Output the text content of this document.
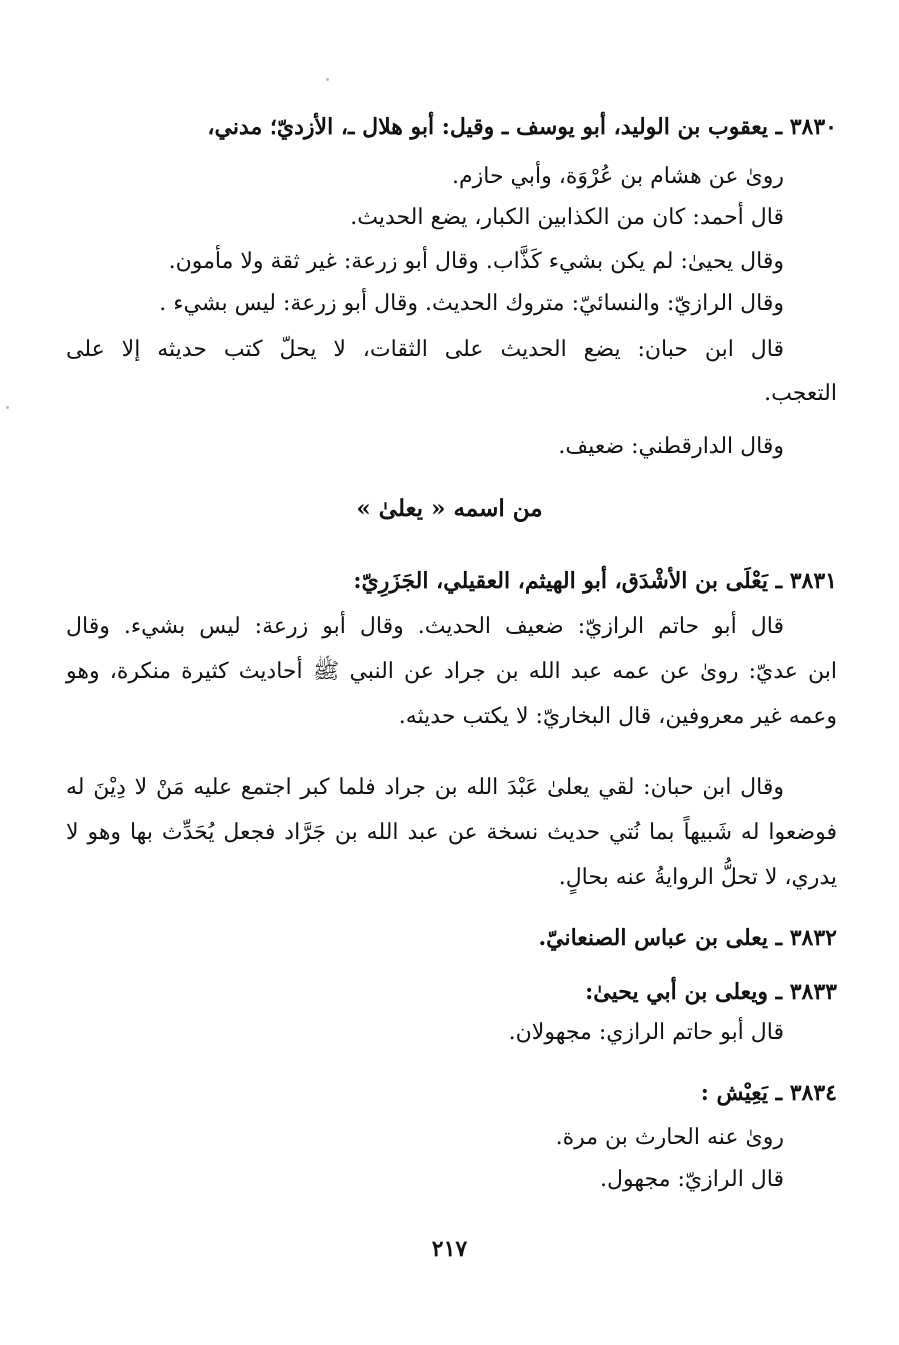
٣٨٣٠ ـ يعقوب بن الوليد، أبو يوسف ـ وقيل: أبو هلال ـ، الأزديّ؛ مدني،
روىٰ عن هشام بن عُرْوَة، وأبي حازم.
قال أحمد: كان من الكذابين الكبار، يضع الحديث.
وقال يحيىٰ: لم يكن بشيء كَذَّاب. وقال أبو زرعة: غير ثقة ولا مأمون.
وقال الرازيّ: والنسائيّ: متروك الحديث. وقال أبو زرعة: ليس بشيء .
قال ابن حبان: يضع الحديث على الثقات، لا يحلّ كتب حديثه إلا على
التعجب.
وقال الدارقطني: ضعيف.
من اسمه « يعلىٰ »
٣٨٣١ ـ يَعْلَى بن الأشْدَق، أبو الهيثم، العقيلي، الجَزَرِيّ:
قال أبو حاتم الرازيّ: ضعيف الحديث. وقال أبو زرعة: ليس بشيء. وقال
ابن عديّ: روىٰ عن عمه عبد الله بن جراد عن النبي ﷺ أحاديث كثيرة منكرة، وهو
وعمه غير معروفين، قال البخاريّ: لا يكتب حديثه.
وقال ابن حبان: لقي يعلىٰ عَبْدَ الله بن جراد فلما كبر اجتمع عليه مَنْ لا دِيْنَ له
فوضعوا له شَبيهاً بما نُتي حديث نسخة عن عبد الله بن جَرَّاد فجعل يُحَدِّث بها وهو لا
يدري، لا تحلُّ الروايةُ عنه بحالٍ.
٣٨٣٢ ـ يعلى بن عباس الصنعانيّ.
٣٨٣٣ ـ ويعلى بن أبي يحيىٰ:
قال أبو حاتم الرازي: مجهولان.
٣٨٣٤ ـ يَعِيْش :
روىٰ عنه الحارث بن مرة.
قال الرازيّ: مجهول.
٢١٧
